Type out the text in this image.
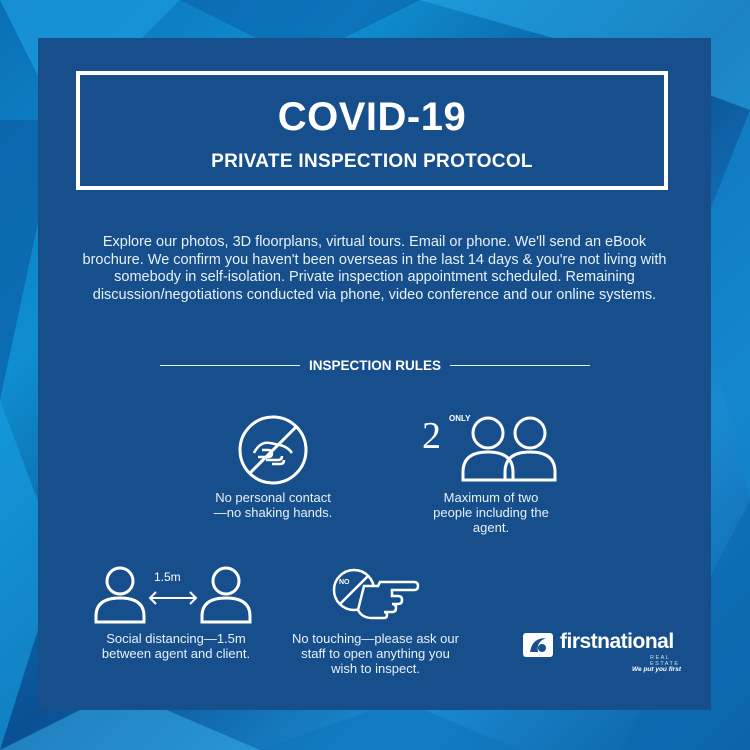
COVID-19
PRIVATE INSPECTION PROTOCOL
Explore our photos, 3D floorplans, virtual tours. Email or phone. We'll send an eBook brochure. We confirm you haven't been overseas in the last 14 days & you're not living with somebody in self-isolation. Private inspection appointment scheduled. Remaining discussion/negotiations conducted via phone, video conference and our online systems.
INSPECTION RULES
No personal contact—no shaking hands.
2 ONLY
Maximum of two people including the agent.
1.5m
Social distancing—1.5m between agent and client.
NO
No touching—please ask our staff to open anything you wish to inspect.
firstnational
REAL ESTATE
We put you first
